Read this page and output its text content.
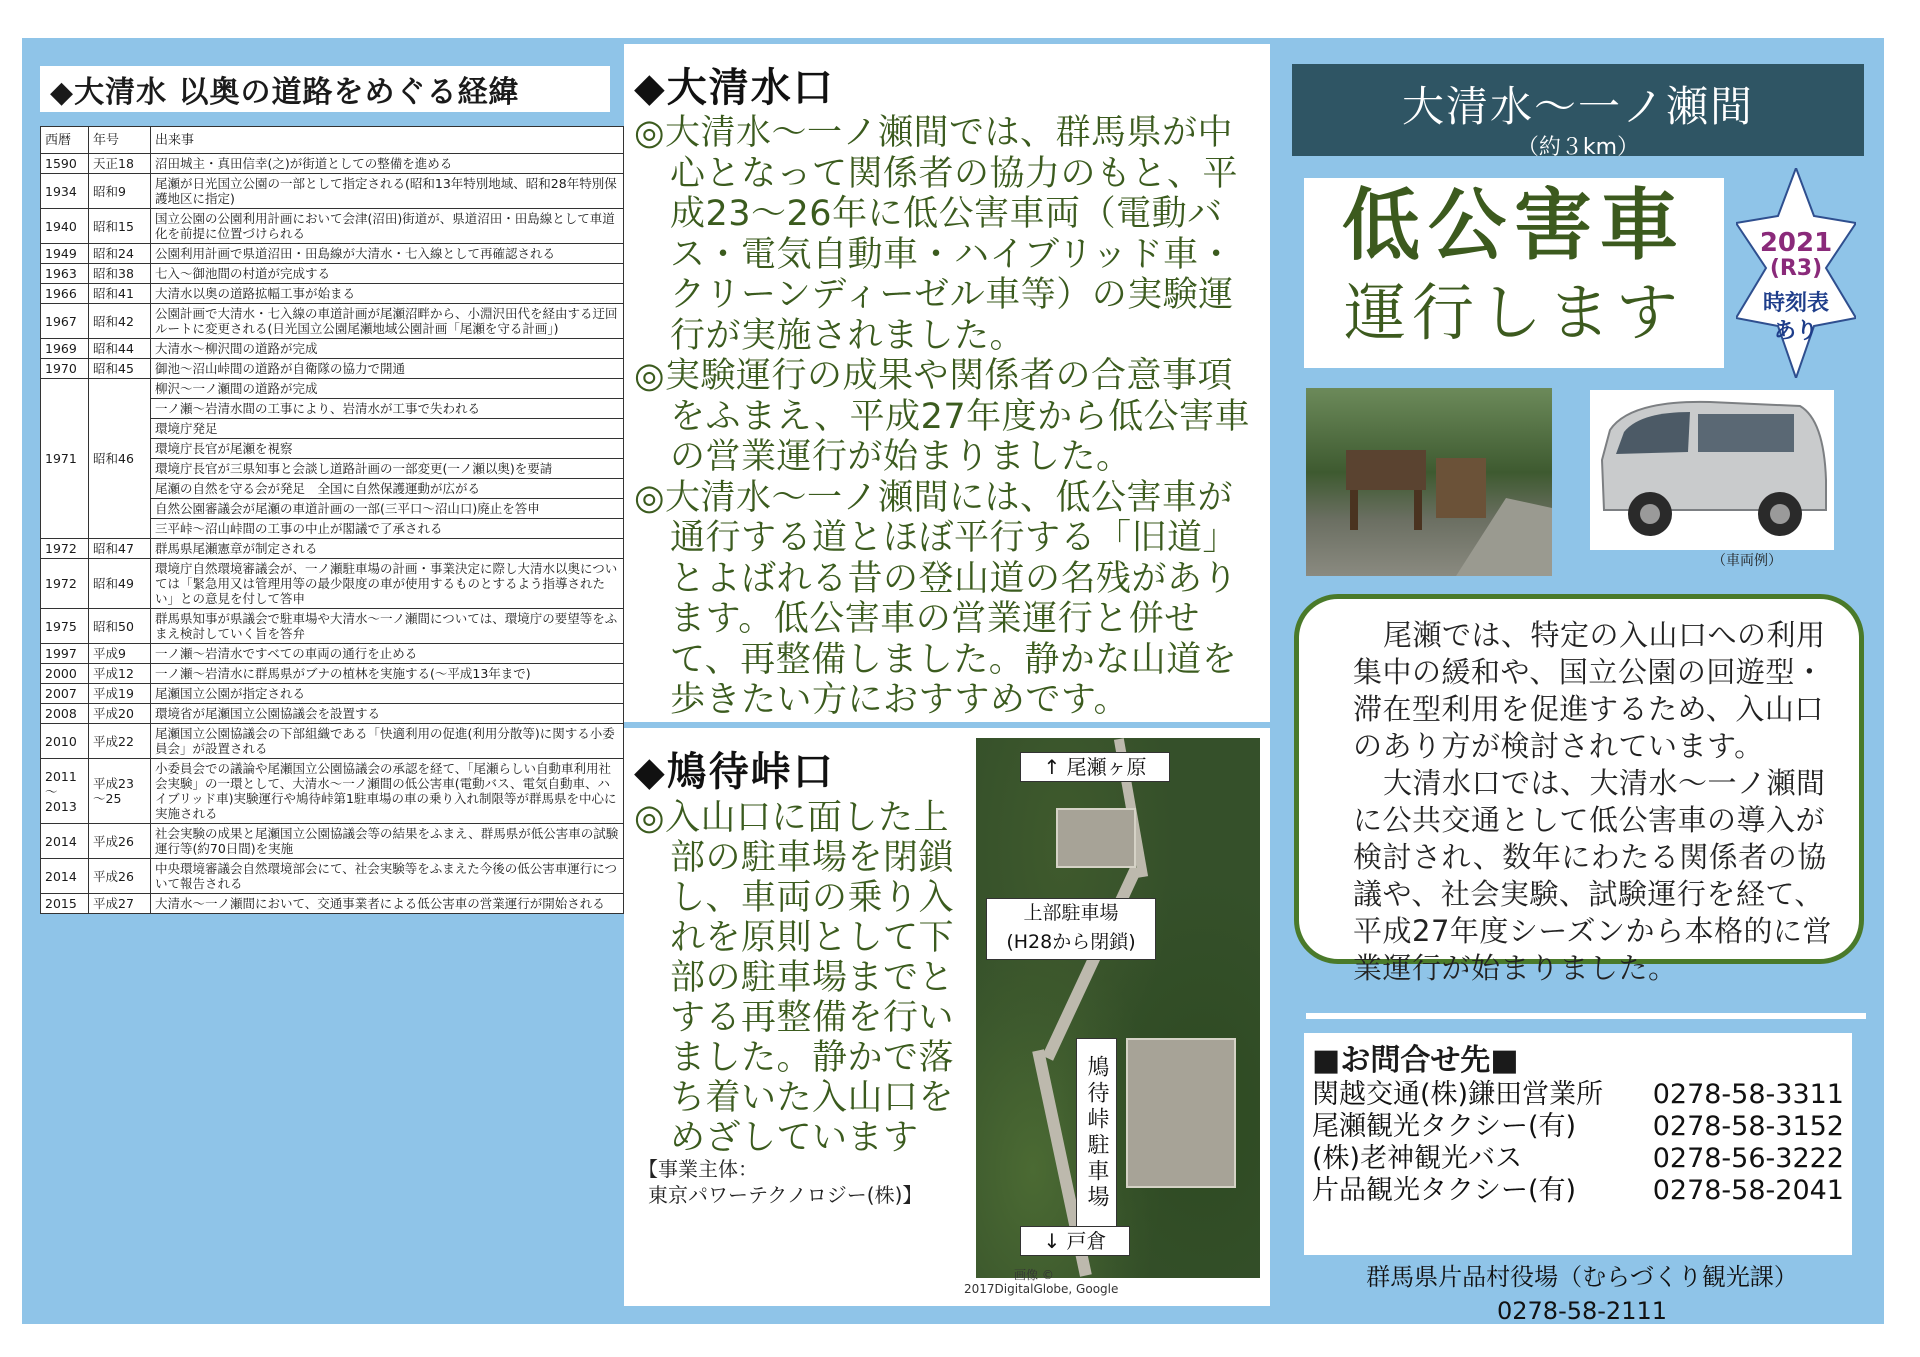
◆大清水 以奥の道路をめぐる経緯
西暦	年号	出来事
1590	天正18	沼田城主・真田信幸(之)が街道としての整備を進める
1934	昭和9	尾瀬が日光国立公園の一部として指定される(昭和13年特別地域、昭和28年特別保護地区に指定)
1940	昭和15	国立公園の公園利用計画において会津(沼田)街道が、県道沼田・田島線として車道化を前提に位置づけられる
1949	昭和24	公園利用計画で県道沼田・田島線が大清水・七入線として再確認される
1963	昭和38	七入～御池間の村道が完成する
1966	昭和41	大清水以奥の道路拡幅工事が始まる
1967	昭和42	公園計画で大清水・七入線の車道計画が尾瀬沼畔から、小淵沢田代を経由する迂回ルートに変更される(日光国立公園尾瀬地域公園計画「尾瀬を守る計画」)
1969	昭和44	大清水～柳沢間の道路が完成
1970	昭和45	御池～沼山峠間の道路が自衛隊の協力で開通
1971	昭和46	柳沢～一ノ瀬間の道路が完成
		一ノ瀬～岩清水間の工事により、岩清水が工事で失われる
		環境庁発足
		環境庁長官が尾瀬を視察
		環境庁長官が三県知事と会談し道路計画の一部変更(一ノ瀬以奥)を要請
		尾瀬の自然を守る会が発足　全国に自然保護運動が広がる
		自然公園審議会が尾瀬の車道計画の一部(三平口～沼山口)廃止を答申
		三平峠～沼山峠間の工事の中止が閣議で了承される
1972	昭和47	群馬県尾瀬憲章が制定される
1972	昭和49	環境庁自然環境審議会が、一ノ瀬駐車場の計画・事業決定に際し大清水以奥については「緊急用又は管理用等の最少限度の車が使用するものとするよう指導されたい」との意見を付して答申
1975	昭和50	群馬県知事が県議会で駐車場や大清水～一ノ瀬間については、環境庁の要望等をふまえ検討していく旨を答弁
1997	平成9	一ノ瀬～岩清水ですべての車両の通行を止める
2000	平成12	一ノ瀬～岩清水に群馬県がブナの植林を実施する(～平成13年まで)
2007	平成19	尾瀬国立公園が指定される
2008	平成20	環境省が尾瀬国立公園協議会を設置する
2010	平成22	尾瀬国立公園協議会の下部組織である「快適利用の促進(利用分散等)に関する小委員会」が設置される
2011～2013	平成23～25	小委員会での議論や尾瀬国立公園協議会の承認を経て、「尾瀬らしい自動車利用社会実験」の一環として、大清水～一ノ瀬間の低公害車(電動バス、電気自動車、ハイブリッド車)実験運行や鳩待峠第1駐車場の車の乗り入れ制限等が群馬県を中心に実施される
2014	平成26	社会実験の成果と尾瀬国立公園協議会等の結果をふまえ、群馬県が低公害車の試験運行等(約70日間)を実施
2014	平成26	中央環境審議会自然環境部会にて、社会実験等をふまえた今後の低公害車運行について報告される
2015	平成27	大清水～一ノ瀬間において、交通事業者による低公害車の営業運行が開始される
◆大清水口

◎大清水～一ノ瀬間では、群馬県が中心となって関係者の協力のもと、平成23～26年に低公害車両（電動バス・電気自動車・ハイブリッド車・クリーンディーゼル車等）の実験運行が実施されました。

◎実験運行の成果や関係者の合意事項をふまえ、平成27年度から低公害車の営業運行が始まりました。

◎大清水～一ノ瀬間には、低公害車が通行する道とほぼ平行する「旧道」とよばれる昔の登山道の名残があります。低公害車の営業運行と併せて、再整備しました。静かな山道を歩きたい方におすすめです。

◆鳩待峠口

◎入山口に面した上部の駐車場を閉鎖し、車両の乗り入れを原則として下部の駐車場までとする再整備を行いました。静かで落ち着いた入山口をめざしています

【事業主体：
東京パワーテクノロジー(株)】
↑ 尾瀬ヶ原
上部駐車場
(H28から閉鎖)
鳩待峠駐車場
↓ 戸倉
画像 ©
2017DigitalGlobe, Google
大清水～一ノ瀬間
（約３km）
低公害車
運行します
2021
(R3)
時刻表
あり
（車両例）

尾瀬では、特定の入山口への利用集中の緩和や、国立公園の回遊型・滞在型利用を促進するため、入山口のあり方が検討されています。

大清水口では、大清水～一ノ瀬間に公共交通として低公害車の導入が検討され、数年にわたる関係者の協議や、社会実験、試験運行を経て、平成27年度シーズンから本格的に営業運行が始まりました。

■お問合せ先■
関越交通(株)鎌田営業所 0278-58-3311
尾瀬観光タクシー(有)	0278-58-3152
(株)老神観光バス	0278-56-3222
片品観光タクシー(有)	0278-58-2041
群馬県片品村役場（むらづくり観光課）
0278-58-2111
